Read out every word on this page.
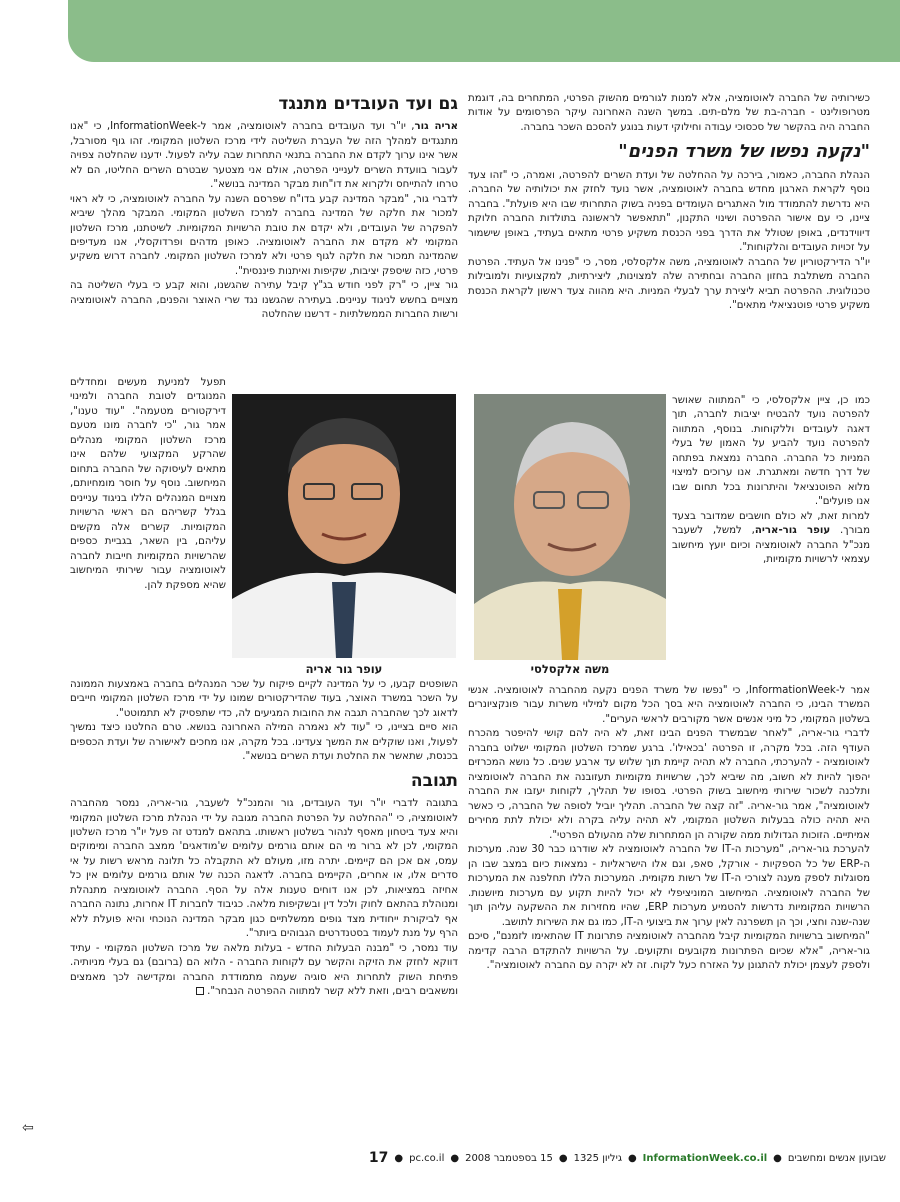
כשירותיה של החברה לאוטומציה, אלא למנות לגורמים מהשוק הפרטי, המתחרים בה, דוגמת מטרופולינט - חברה-בת של מלם-תים. במשך השנה האחרונה עיקר הפרסומים על אודות החברה היה בהקשר של סכסוכי עבודה וחילוקי דעות בנוגע להסכם השכר בחברה.

"נקעה נפשו של משרד הפנים"

הנהלת החברה, כאמור, בירכה על ההחלטה של ועדת השרים להפרטה, ואמרה, כי "זהו צעד נוסף לקראת הארגון מחדש בחברה לאוטומציה, אשר נועד לחזק את יכולותיה של החברה. היא נדרשת להתמודד מול האתגרים העומדים בפניה בשוק התחרותי שבו היא פועלת". בחברה ציינו, כי עם אישור ההפרטה ושינוי התקנון, "תתאפשר לראשונה בתולדות החברה חלוקת דיווידנדים, באופן שטולל את הדרך בפני הכנסת משקיע פרטי מתאים בעתיד, באופן שישמור על זכויות העובדים והלקוחות".

יו"ר הדירקטוריון של החברה לאוטומציה, משה אלקסלסי, מסר, כי "פנינו אל העתיד. הפרטת החברה משתלבת בחזון החברה ובחתירה שלה למצוינות, ליצירתיות, למקצועיות ולמובילות טכנולוגית. ההפרטה תביא ליצירת ערך לבעלי המניות. היא מהווה צעד ראשון לקראת הכנסת משקיע פרטי פוטנציאלי מתאים".

גם ועד העובדים מתנגד

אריה גור, יו"ר ועד העובדים בחברה לאוטומציה, אמר ל-InformationWeek, כי "אנו מתנגדים למהלך הזה של העברת השליטה לידי מרכז השלטון המקומי. זהו גוף מסורבל, אשר אינו ערוך לקדם את החברה בתנאי התחרות שבה עליה לפעול. ידענו שהחלטה צפויה לעבור בוועדת השרים לענייני הפרטה, אולם אני מצטער שבטרם השרים החליטו, הם לא טרחו להתייחס ולקרוא את דו"חות מבקר המדינה בנושא".

לדברי גור, "מבקר המדינה קבע בדו"ח שפרסם השנה על החברה לאוטומציה, כי לא ראוי למכור את חלקה של המדינה בחברה למרכז השלטון המקומי. המבקר מהלך שיביא להפקרה של העובדים, ולא יקדם את טובת הרשויות המקומיות. לשיטתנו, מרכז השלטון המקומי לא מקדם את החברה לאוטומציה. כאופן מדהים ופרדוקסלי, אנו מעדיפים שהמדינה תמכור את חלקה לגוף פרטי ולא למרכז השלטון המקומי. לחברה דרוש משקיע פרטי, כזה שיספק יציבות, שקיפות ואיתנות פיננסית".

גור ציין, כי "רק לפני חודש בג"ץ קיבל עתירה שהגשנו, והוא קבע כי בעלי השליטה בה מצויים בחשש לניגוד עניינים. בעתירה שהגשנו נגד שרי האוצר והפנים, החברה לאוטומציה ורשות החברות הממשלתיות - דרשנו שהחלטה

משה אלקסלסי
עופר גור אריה

כמו כן, ציין אלקסלסי, כי "המתווה שאושר להפרטה נועד להבטיח יציבות לחברה, תוך דאגה לעובדים וללקוחות. בנוסף, המתווה להפרטה נועד להביע על האמון של בעלי המניות כל החברה. החברה נמצאת בפתחה של דרך חדשה ומאתגרת. אנו ערוכים למיצוי מלוא הפוטנציאל והיתרונות בכל תחום שבו אנו פועלים".

למרות זאת, לא כולם חושבים שמדובר בצעד מבורך. עופר גור-אריה, למשל, לשעבר מנכ"ל החברה לאוטומציה וכיום יועץ מיחשוב עצמאי לרשויות מקומיות,

תפעל למניעת מעשים ומחדלים המנוגדים לטובת החברה ולמינוי דירקטורים מטעמה". "עוד טענו", אמר גור, "כי לחברה מונו מטעם מרכז השלטון המקומי מנהלים שהרקע המקצועי שלהם אינו מתאים לעיסוקה של החברה בתחום המיחשוב. נוסף על חוסר מומחיותם, מצויים המנהלים הללו בניגוד עניינים בגלל קשריהם הם ראשי הרשויות המקומיות. קשרים אלה מקשים עליהם, בין השאר, בגביית כספים שהרשויות המקומיות חייבות לחברה לאוטומציה עבור שירותי המיחשוב שהיא מספקת להן.

אמר ל-InformationWeek, כי "נפשו של משרד הפנים נקעה מהחברה לאוטומציה. אנשי המשרד הבינו, כי החברה לאוטומציה היא בסך הכל מקום למילוי משרות עבור פונקציונרים בשלטון המקומי, כל מיני אנשים אשר מקורבים לראשי הערים".

לדברי גור-אריה, "לאחר שבמשרד הפנים הבינו זאת, לא היה להם קושי להיפטר מהכרח העודף הזה. בכל מקרה, זו הפרטה 'בכאילו'. ברגע שמרכז השלטון המקומי ישלוט בחברה לאוטומציה - להערכתי, החברה לא תהיה קיימת תוך שלוש עד ארבע שנים. כל נושא המכרזים יהפוך להיות לא חשוב, מה שיביא לכך, שרשויות מקומיות תעזובנה את החברה לאוטומציה ותלכנה לשכור שירותי מיחשוב בשוק הפרטי. בסופו של תהליך, לקוחות יעזבו את החברה לאוטומציה", אמר גור-אריה. "זה קצה של החברה. תהליך יוביל לסופה של החברה, כי כאשר היא תהיה כולה בבעלות השלטון המקומי, לא תהיה עליה בקרה ולא יכולת לתת מחירים אמיתיים. הזוכות הגדולות ממה שקורה הן המתחרות שלה מהעולם הפרטי".

להערכת גור-אריה, "מערכות ה-IT של החברה לאוטומציה לא שודרגו כבר 30 שנה. מערכות ה-ERP של כל הספקיות - אורקל, סאפ, וגם אלו הישראליות - נמצאות כיום במצב שבו הן מסוגלות לספק מענה לצורכי ה-IT של רשות מקומית. המערכות הללו תחלפנה את המערכות של החברה לאוטומציה. המיחשוב המוניציפלי לא יכול להיות תקוע עם מערכות מיושנות. הרשויות המקומיות נדרשות להטמיע מערכות ERP, שהיו מחזירות את ההשקעה עליהן תוך שנה-שנה וחצי, וכך הן תשפרנה לאין ערוך את ביצועי ה-IT, כמו גם את השירות לתושב.

"המיחשוב ברשויות המקומיות קיבל מהחברה לאוטומציה פתרונות IT שהתאימו לזמנם", סיכם גור-אריה, "אלא שכיום הפתרונות מקובעים ותקועים. על הרשויות להתקדם הרבה קדימה ולספק לעצמן יכולת להתגונן על האזרח כעל לקוח. זה לא יקרה עם החברה לאוטומציה".

השופטים קבעו, כי על המדינה לקיים פיקוח על שכר המנהלים בחברה באמצעות הממונה על השכר במשרד האוצר, בעוד שהדירקטורים שמונו על ידי מרכז השלטון המקומי חייבים לדאוג לכך שהחברה תגבה את החובות המגיעים לה, כדי שתפסיק לא תתמוטט".

הוא סיים בציינו, כי "עוד לא נאמרה המילה האחרונה בנושא. טרם החלטנו כיצד נמשיך לפעול, ואנו שוקלים את המשך צעדינו. בכל מקרה, אנו מחכים לאישורה של ועדת הכספים בכנסת, שתאשר את החלטת ועדת השרים בנושא".

תגובה

בתגובה לדברי יו"ר ועד העובדים, גור והמנכ"ל לשעבר, גור-אריה, נמסר מהחברה לאוטומציה, כי "ההחלטה על הפרטת החברה מגובה על ידי הנהלת מרכז השלטון המקומי והיא צעד ביטחון מאסף לנהור בשלטון ראשותו. בתהאם למנדט זה פעל יו"ר מרכז השלטון המקומי, לכן לא ברור מי הם אותם גורמים עלומים ש'מודאגים' ממצב החברה ומימוקים עמס, אם אכן הם קיימים. יתרה מזו, מעולם לא התקבלה כל תלונה מראש רשות על אי סדרים אלו, או אחרים, הקיימים בחברה. לדאגה הכנה של אותם גורמים עלומים אין כל אחיזה במציאות, לכן אנו דוחים טענות אלה על הסף. החברה לאוטומציה מתנהלת ומנוהלת בהתאם לחוק ולכל דין ובשקיפות מלאה. כגיבוד לחברות IT אחרות, נתונה החברה אף לביקורת ייחודית מצד גופים ממשלתיים כגון מבקר המדינה הנוכחי והיא פועלת ללא הרף על מנת לעמוד בסטנדרטים הגבוהים ביותר".

עוד נמסר, כי "מבנה הבעלות החדש - בעלות מלאה של מרכז השלטון המקומי - עתיד דווקא לחזק את הזיקה והקשר עם לקוחות החברה - הלוא הם (ברובם) גם בעלי מניותיה. פתיחת השוק לתחרות היא סוגיה שעמה מתמודדת החברה ומקדישה לכך מאמצים ומשאבים רבים, וזאת ללא קשר למתווה ההפרטה הנבחר".

⇦
שבועון אנשים ומחשבים
●
InformationWeek.co.il
●
גיליון 1325
●
15 בספטמבר 2008
●
pc.co.il
●
17
